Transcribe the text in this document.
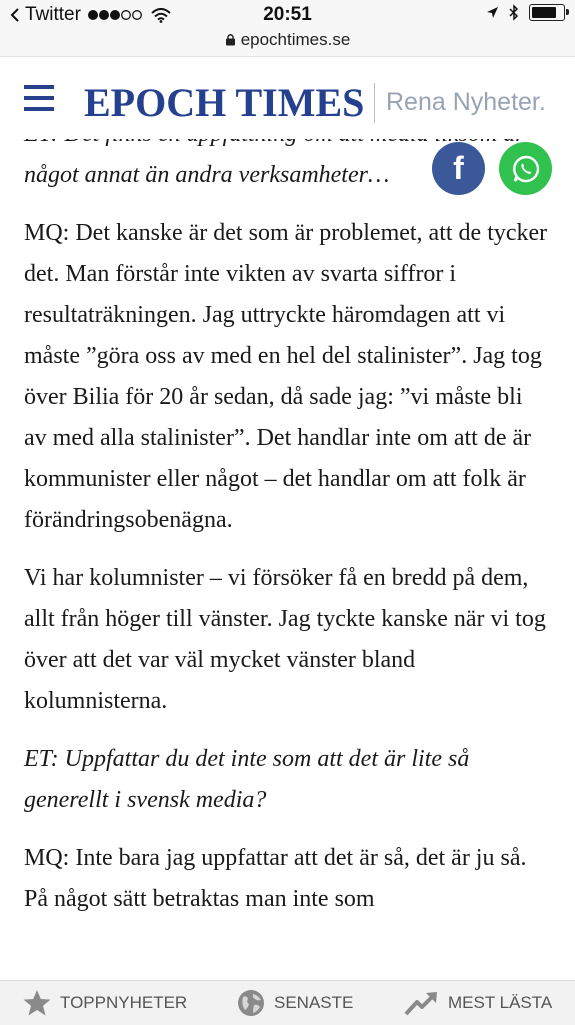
Twitter	20:51
epochtimes.se

något annat än andra verksamheter…

MQ: Det kanske är det som är problemet, att de tycker det. Man förstår inte vikten av svarta siffror i resultaträkningen. Jag uttryckte häromdagen att vi måste ”göra oss av med en hel del stalinister”. Jag tog över Bilia för 20 år sedan, då sade jag: ”vi måste bli av med alla stalinister”. Det handlar inte om att de är kommunister eller något – det handlar om att folk är förändringsobenägna.

Vi har kolumnister – vi försöker få en bredd på dem, allt från höger till vänster. Jag tyckte kanske när vi tog över att det var väl mycket vänster bland kolumnisterna.

ET: Uppfattar du det inte som att det är lite så generellt i svensk media?

MQ: Inte bara jag uppfattar att det är så, det är ju så. På något sätt betraktas man inte som

EPOCH TIMES Rena Nyheter.
f
TOPPNYHETER	SENASTE	MEST LÄSTA
